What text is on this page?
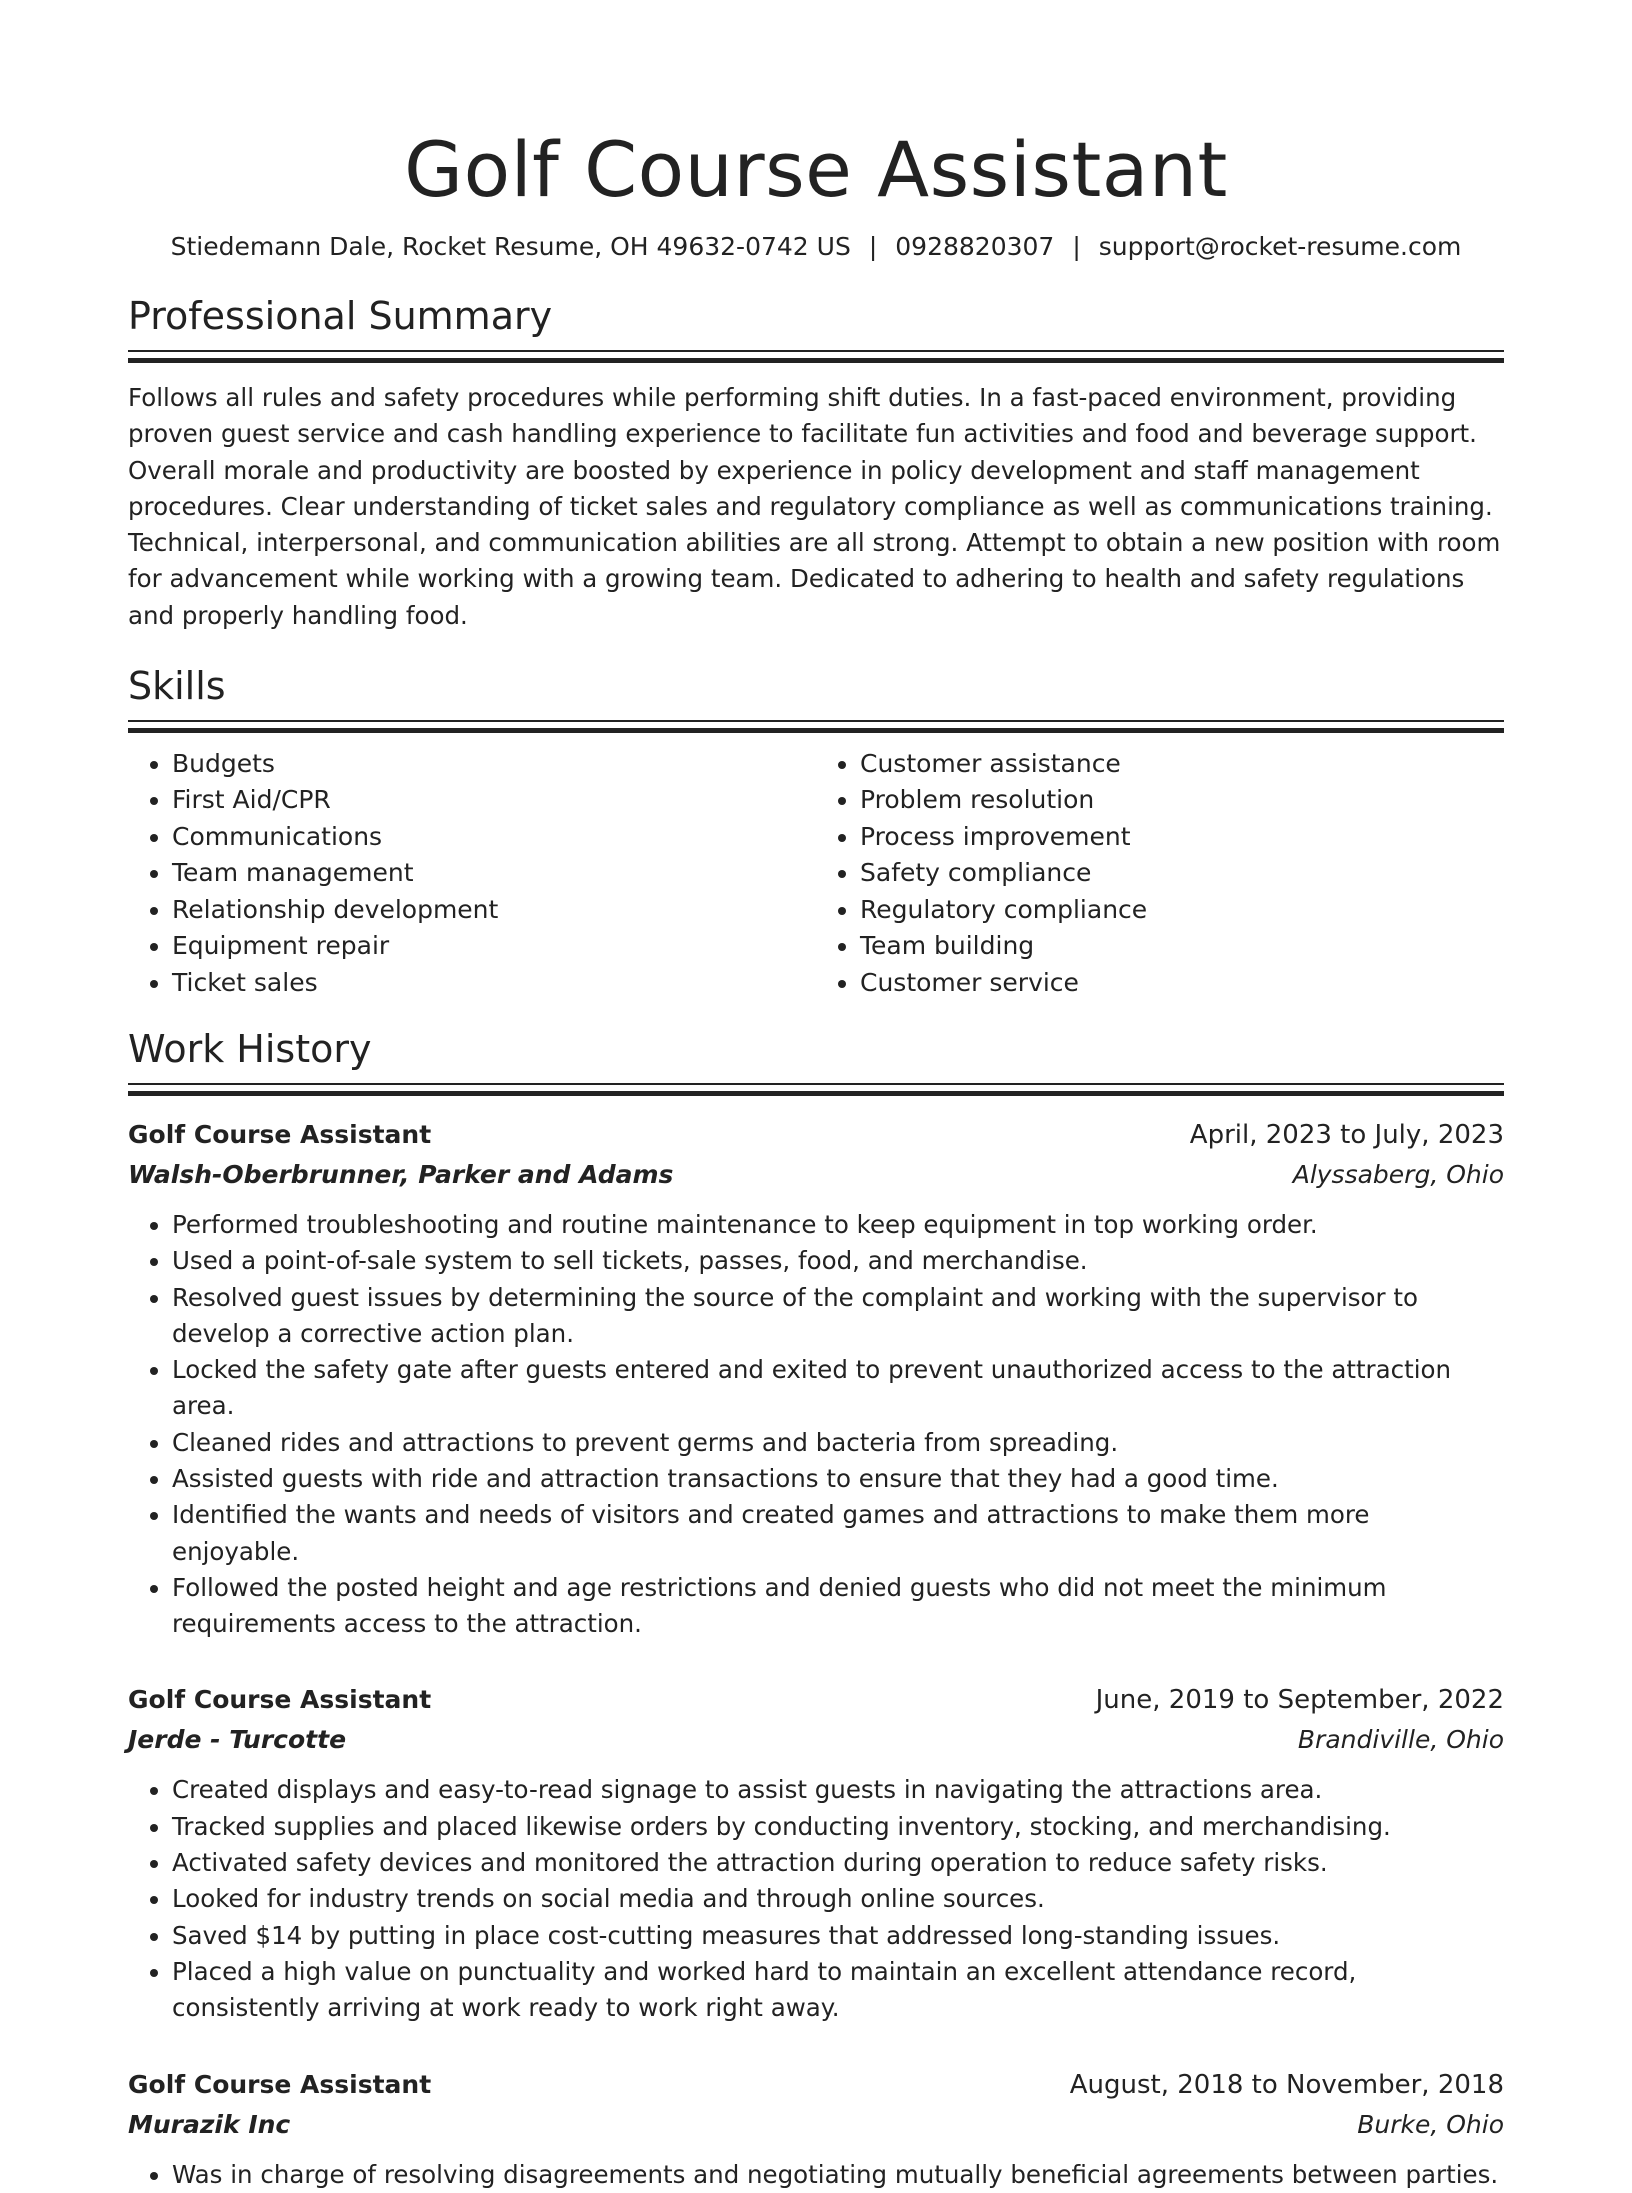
Golf Course Assistant
Stiedemann Dale, Rocket Resume, OH 49632-0742 US | 0928820307 | support@rocket-resume.com
Professional Summary

Follows all rules and safety procedures while performing shift duties. In a fast-paced environment, providing proven guest service and cash handling experience to facilitate fun activities and food and beverage support. Overall morale and productivity are boosted by experience in policy development and staff management procedures. Clear understanding of ticket sales and regulatory compliance as well as communications training. Technical, interpersonal, and communication abilities are all strong. Attempt to obtain a new position with room for advancement while working with a growing team. Dedicated to adhering to health and safety regulations and properly handling food.

Skills
• Budgets
• First Aid/CPR
• Communications
• Team management
• Relationship development
• Equipment repair
• Ticket sales
• Customer assistance
• Problem resolution
• Process improvement
• Safety compliance
• Regulatory compliance
• Team building
• Customer service
Work History
Golf Course Assistant	April, 2023 to July, 2023
Walsh-Oberbrunner, Parker and Adams	Alyssaberg, Ohio
• Performed troubleshooting and routine maintenance to keep equipment in top working order.
• Used a point-of-sale system to sell tickets, passes, food, and merchandise.
• Resolved guest issues by determining the source of the complaint and working with the supervisor to develop a corrective action plan.
• Locked the safety gate after guests entered and exited to prevent unauthorized access to the attraction area.
• Cleaned rides and attractions to prevent germs and bacteria from spreading.
• Assisted guests with ride and attraction transactions to ensure that they had a good time.
• Identified the wants and needs of visitors and created games and attractions to make them more enjoyable.
• Followed the posted height and age restrictions and denied guests who did not meet the minimum requirements access to the attraction.
Golf Course Assistant	June, 2019 to September, 2022
Jerde - Turcotte	Brandiville, Ohio
• Created displays and easy-to-read signage to assist guests in navigating the attractions area.
• Tracked supplies and placed likewise orders by conducting inventory, stocking, and merchandising.
• Activated safety devices and monitored the attraction during operation to reduce safety risks.
• Looked for industry trends on social media and through online sources.
• Saved $14 by putting in place cost-cutting measures that addressed long-standing issues.
• Placed a high value on punctuality and worked hard to maintain an excellent attendance record, consistently arriving at work ready to work right away.
Golf Course Assistant	August, 2018 to November, 2018
Murazik Inc	Burke, Ohio
• Was in charge of resolving disagreements and negotiating mutually beneficial agreements between parties.
